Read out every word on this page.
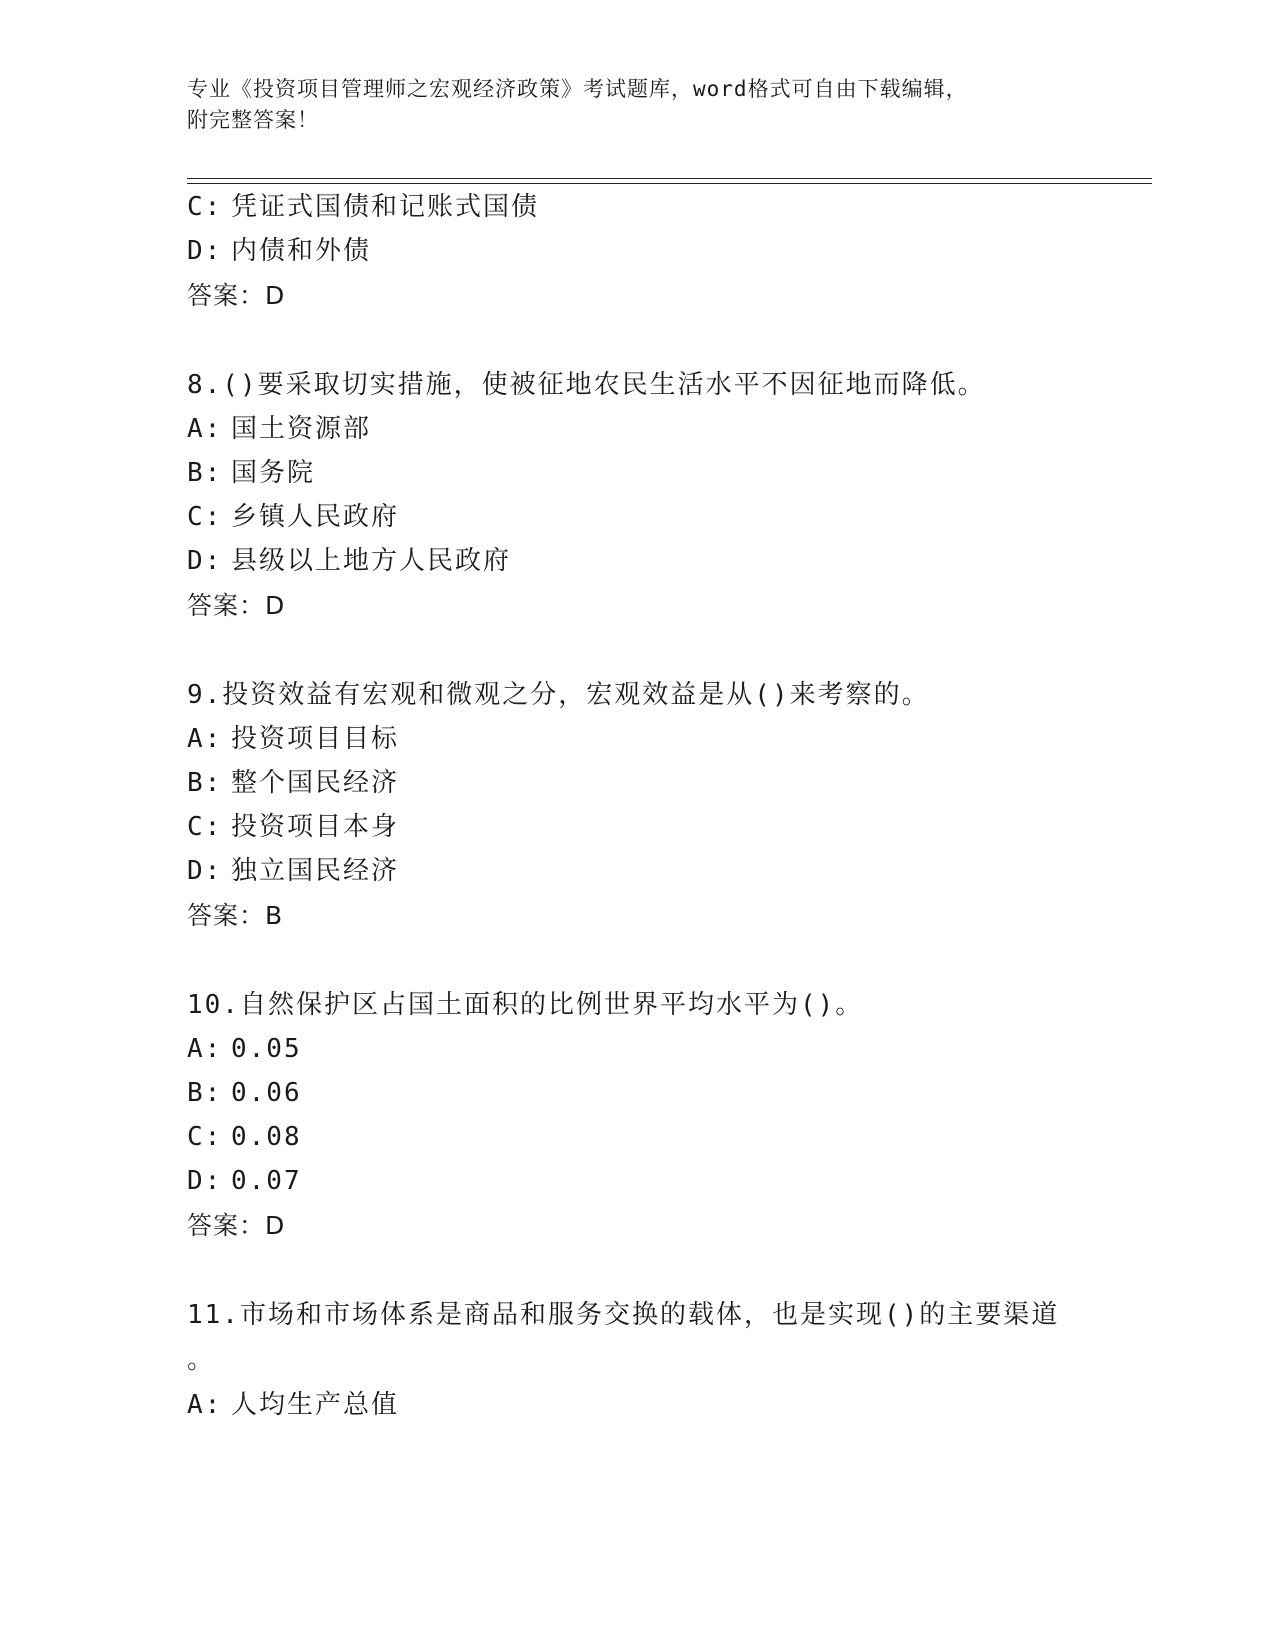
专业《投资项目管理师之宏观经济政策》考试题库，word格式可自由下载编辑，
附完整答案！
C: 凭证式国债和记账式国债
D: 内债和外债
答案：D
8.()要采取切实措施，使被征地农民生活水平不因征地而降低。
A: 国土资源部
B: 国务院
C: 乡镇人民政府
D: 县级以上地方人民政府
答案：D
9.投资效益有宏观和微观之分，宏观效益是从()来考察的。
A: 投资项目目标
B: 整个国民经济
C: 投资项目本身
D: 独立国民经济
答案：B
10.自然保护区占国土面积的比例世界平均水平为()。
A: 0.05
B: 0.06
C: 0.08
D: 0.07
答案：D
11.市场和市场体系是商品和服务交换的载体，也是实现()的主要渠道
。
A: 人均生产总值
